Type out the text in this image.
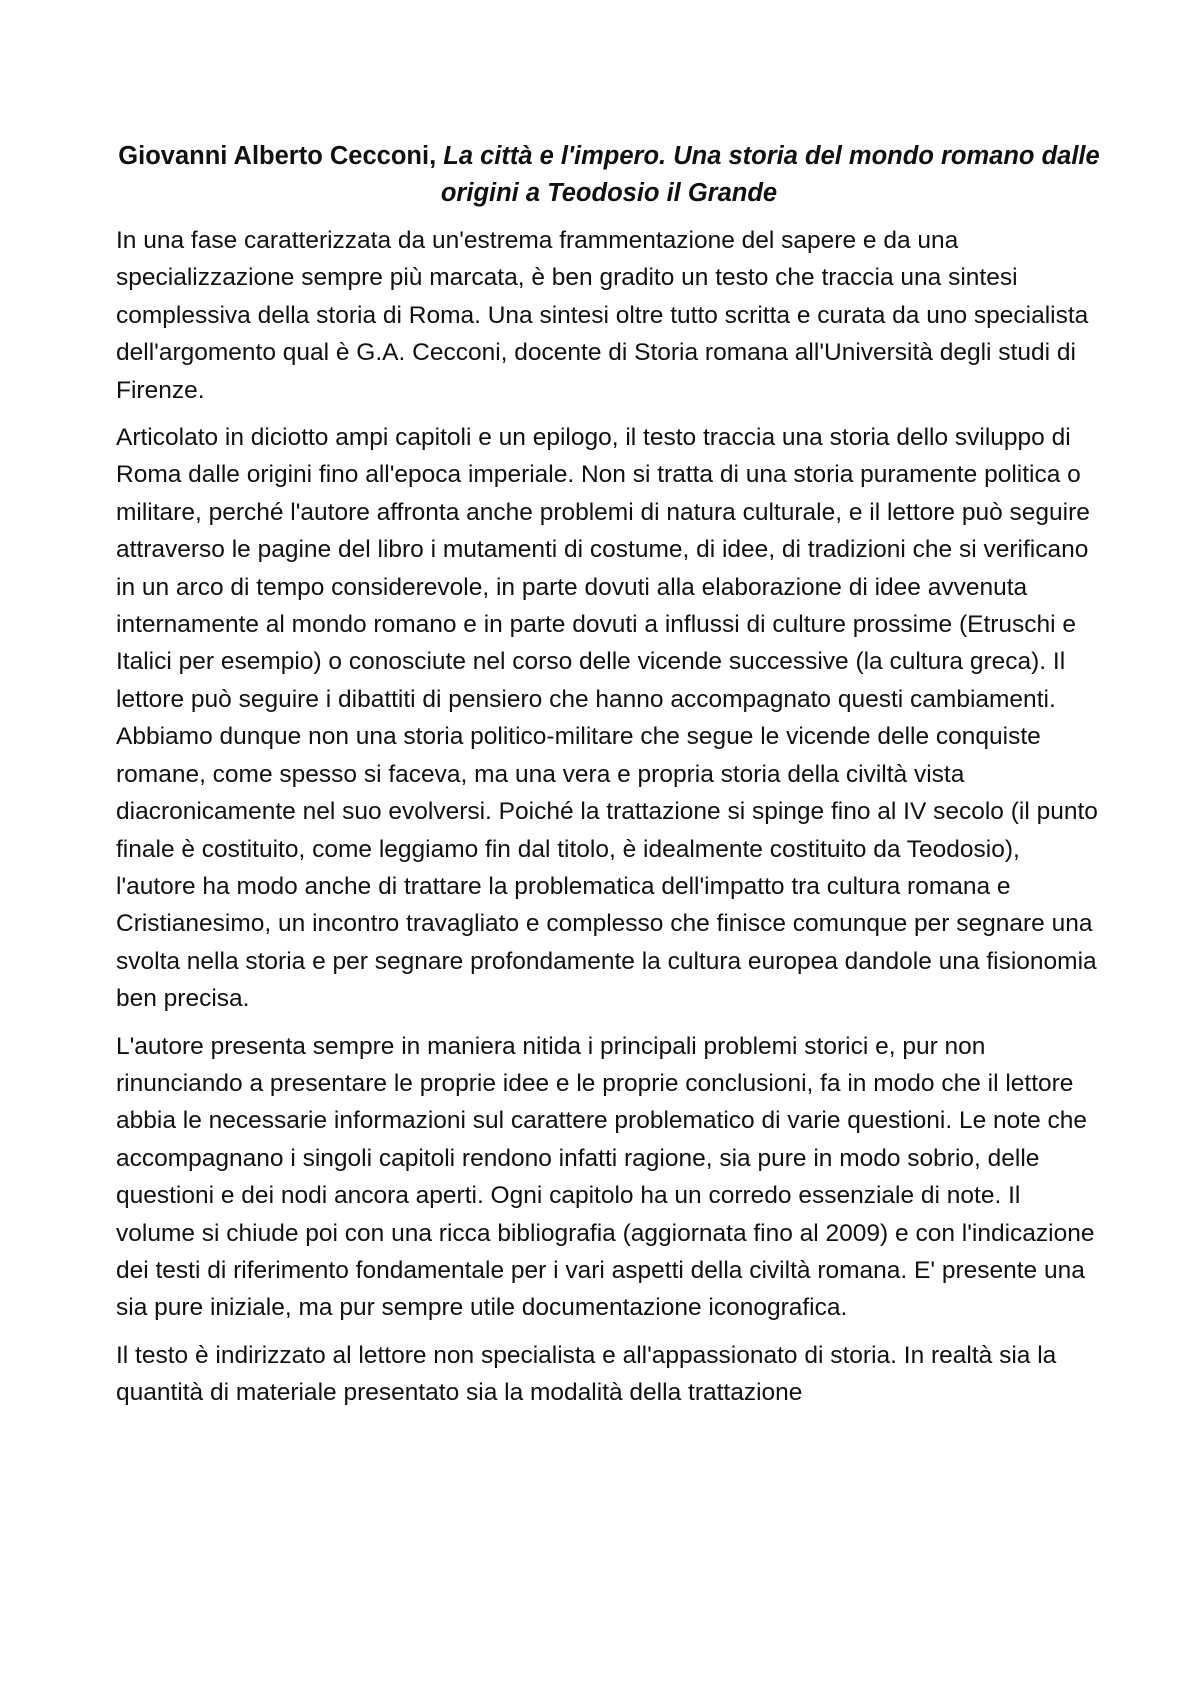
Giovanni Alberto Cecconi, La città e l'impero. Una storia del mondo romano dalle origini a Teodosio il Grande

In una fase caratterizzata da un'estrema frammentazione del sapere e da una specializzazione sempre più marcata, è ben gradito un testo che traccia una sintesi complessiva della storia di Roma. Una sintesi oltre tutto scritta e curata da uno specialista dell'argomento qual è G.A. Cecconi, docente di Storia romana all'Università degli studi di Firenze.

Articolato in diciotto ampi capitoli e un epilogo, il testo traccia una storia dello sviluppo di Roma dalle origini fino all'epoca imperiale. Non si tratta di una storia puramente politica o militare, perché l'autore affronta anche problemi di natura culturale, e il lettore può seguire attraverso le pagine del libro i mutamenti di costume, di idee, di tradizioni che si verificano in un arco di tempo considerevole, in parte dovuti alla elaborazione di idee avvenuta internamente al mondo romano e in parte dovuti a influssi di culture prossime (Etruschi e Italici per esempio) o conosciute nel corso delle vicende successive (la cultura greca). Il lettore può seguire i dibattiti di pensiero che hanno accompagnato questi cambiamenti. Abbiamo dunque non una storia politico-militare che segue le vicende delle conquiste romane, come spesso si faceva, ma una vera e propria storia della civiltà vista diacronicamente nel suo evolversi. Poiché la trattazione si spinge fino al IV secolo (il punto finale è costituito, come leggiamo fin dal titolo, è idealmente costituito da Teodosio), l'autore ha modo anche di trattare la problematica dell'impatto tra cultura romana e Cristianesimo, un incontro travagliato e complesso che finisce comunque per segnare una svolta nella storia e per segnare profondamente la cultura europea dandole una fisionomia ben precisa.

L'autore presenta sempre in maniera nitida i principali problemi storici e, pur non rinunciando a presentare le proprie idee e le proprie conclusioni, fa in modo che il lettore abbia le necessarie informazioni sul carattere problematico di varie questioni. Le note che accompagnano i singoli capitoli rendono infatti ragione, sia pure in modo sobrio, delle questioni e dei nodi ancora aperti. Ogni capitolo ha un corredo essenziale di note. Il volume si chiude poi con una ricca bibliografia (aggiornata fino al 2009) e con l'indicazione dei testi di riferimento fondamentale per i vari aspetti della civiltà romana. E' presente una sia pure iniziale, ma pur sempre utile documentazione iconografica.

Il testo è indirizzato al lettore non specialista e all'appassionato di storia. In realtà sia la quantità di materiale presentato sia la modalità della trattazione
